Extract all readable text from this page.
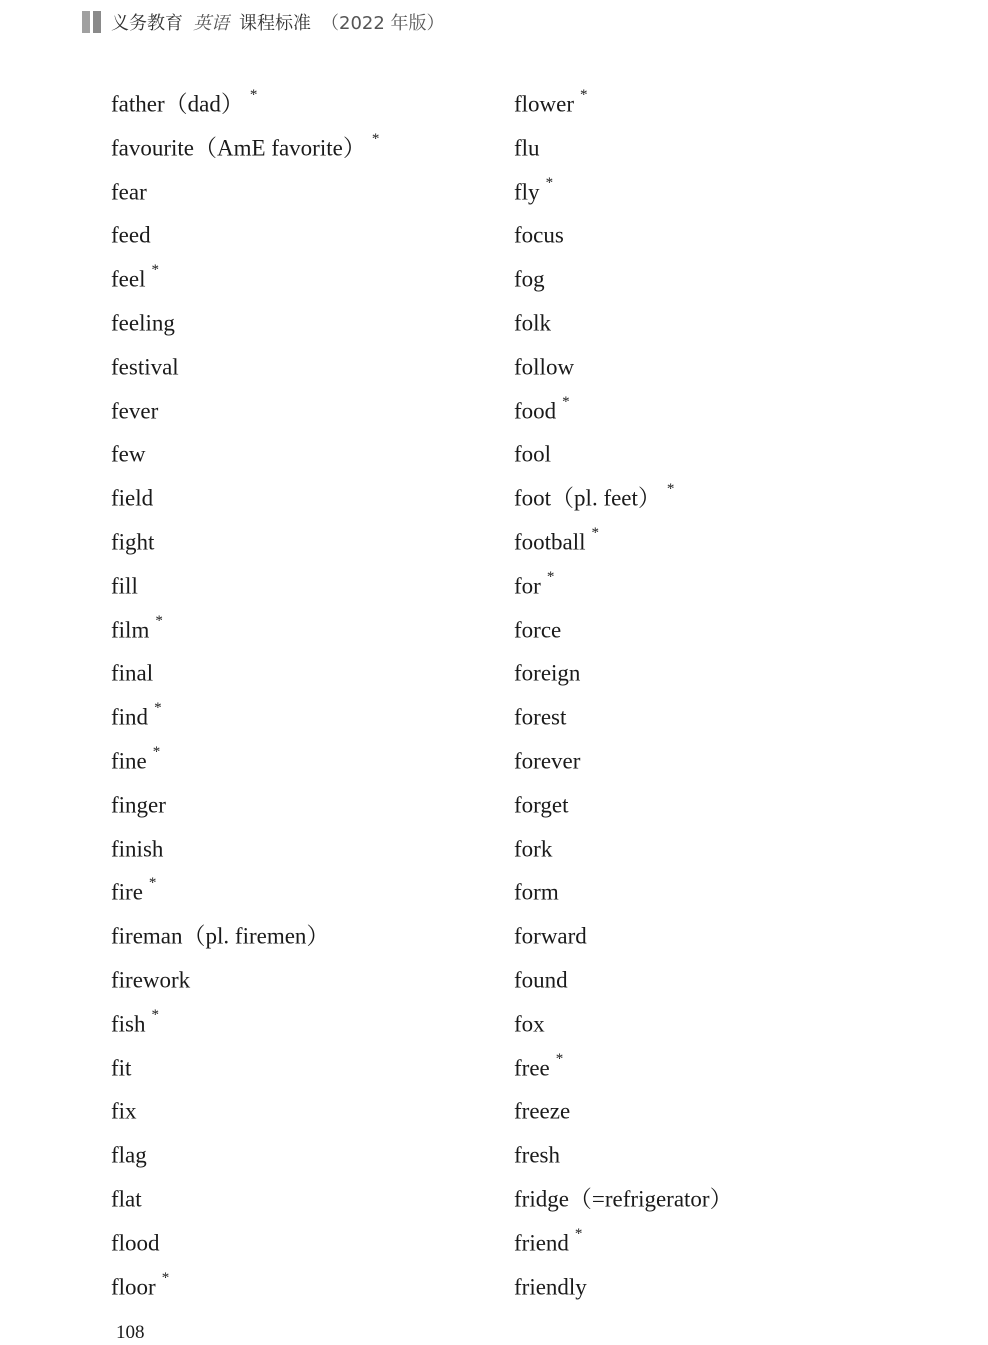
义务教育 英语 课程标准 （2022 年版）
father（dad） *
favourite（AmE favorite） *
fear
feed
feel *
feeling
festival
fever
few
field
fight
fill
film *
final
find *
fine *
finger
finish
fire *
fireman（pl. firemen）
firework
fish *
fit
fix
flag
flat
flood
floor *
flower *
flu
fly *
focus
fog
folk
follow
food *
fool
foot（pl. feet） *
football *
for *
force
foreign
forest
forever
forget
fork
form
forward
found
fox
free *
freeze
fresh
fridge（=refrigerator）
friend *
friendly
108
